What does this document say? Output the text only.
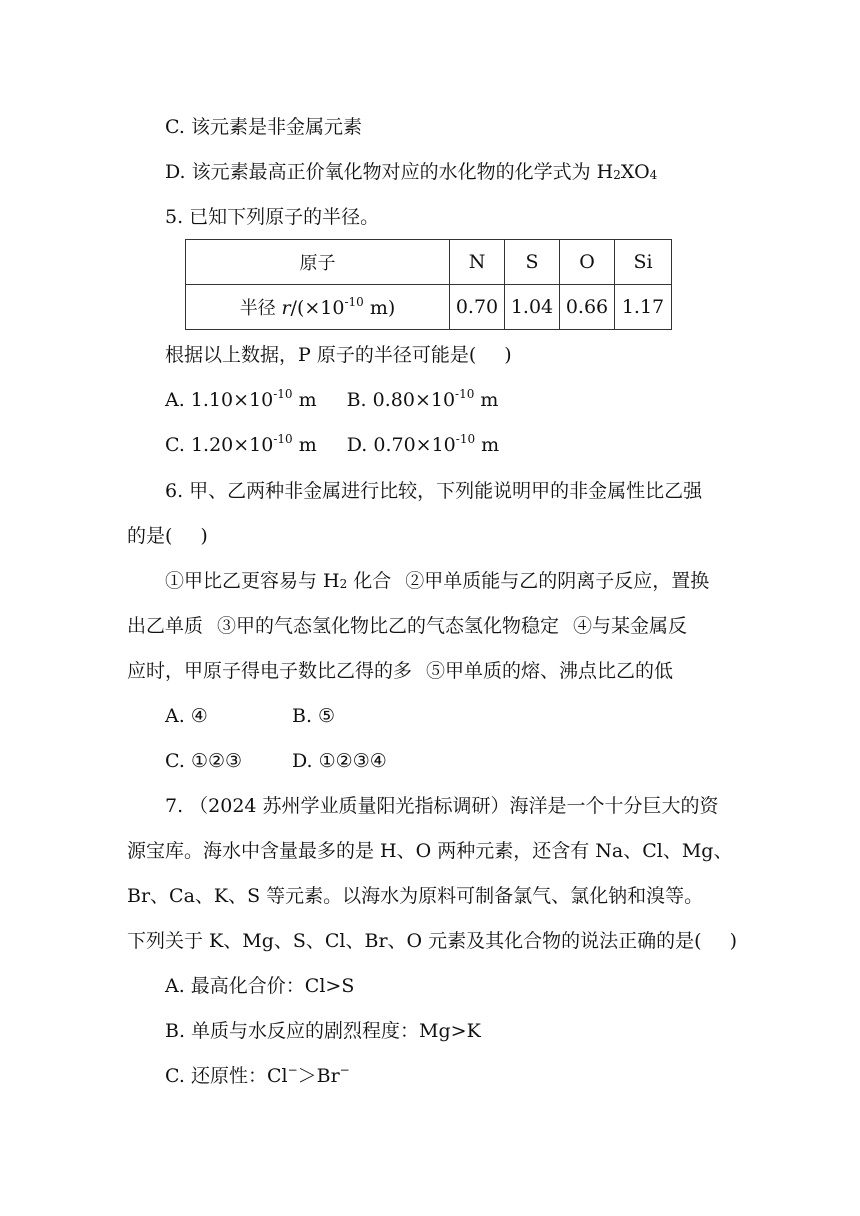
C. 该元素是非金属元素
D. 该元素最高正价氧化物对应的水化物的化学式为 $H_2XO_4$
5. 已知下列原子的半径。
原子	N	S	O	Si
半径 $r/(\times 10^{-10}$ m)	0.70	1.04	0.66	1.17
根据以上数据，P 原子的半径可能是( )
A. $1.10\times 10^{-10}$ m B. $0.80\times 10^{-10}$ m
C. $1.20\times 10^{-10}$ m D. $0.70\times 10^{-10}$ m
6. 甲、乙两种非金属进行比较，下列能说明甲的非金属性比乙强
的是( )
①甲比乙更容易与 $H_2$ 化合 ②甲单质能与乙的阴离子反应，置换
出乙单质 ③甲的气态氢化物比乙的气态氢化物稳定 ④与某金属反
应时，甲原子得电子数比乙得的多 ⑤甲单质的熔、沸点比乙的低
A. ④	B. ⑤
C. ①②③	D. ①②③④
7. （2024 苏州学业质量阳光指标调研）海洋是一个十分巨大的资
源宝库。海水中含量最多的是 H、O 两种元素，还含有 Na、Cl、Mg、
Br、Ca、K、S 等元素。以海水为原料可制备氯气、氯化钠和溴等。
下列关于 K、Mg、S、Cl、Br、O 元素及其化合物的说法正确的是( )
A. 最高化合价：Cl>S
B. 单质与水反应的剧烈程度：Mg>K
C. 还原性：Cl−＞Br−
